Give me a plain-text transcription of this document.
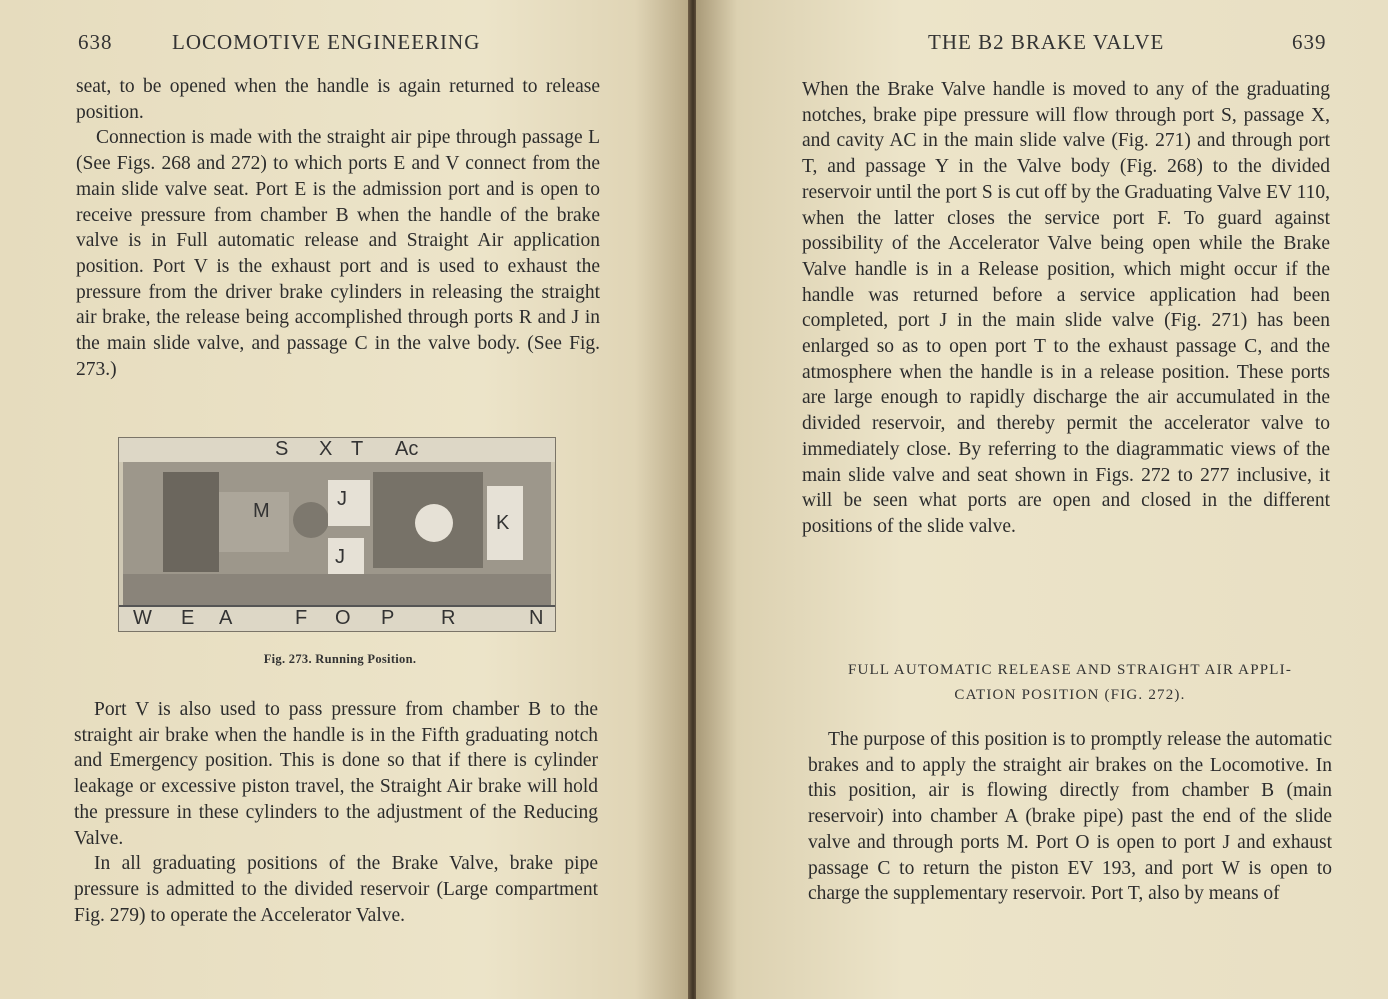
638	LOCOMOTIVE ENGINEERING

seat, to be opened when the handle is again returned to release position.

Connection is made with the straight air pipe through passage L (See Figs. 268 and 272) to which ports E and V connect from the main slide valve seat. Port E is the admission port and is open to receive pressure from chamber B when the handle of the brake valve is in Full automatic release and Straight Air application position. Port V is the exhaust port and is used to exhaust the pressure from the driver brake cylinders in releasing the straight air brake, the release being accomplished through ports R and J in the main slide valve, and passage C in the valve body. (See Fig. 273.)

S X T Ac
M
J
J
K
W E A	F O P R	N
Fig. 273. Running Position.

Port V is also used to pass pressure from chamber B to the straight air brake when the handle is in the Fifth graduating notch and Emergency position. This is done so that if there is cylinder leakage or excessive piston travel, the Straight Air brake will hold the pressure in these cylinders to the adjustment of the Reducing Valve.

In all graduating positions of the Brake Valve, brake pipe pressure is admitted to the divided reservoir (Large compartment Fig. 279) to operate the Accelerator Valve.

THE B2 BRAKE VALVE	639

When the Brake Valve handle is moved to any of the graduating notches, brake pipe pressure will flow through port S, passage X, and cavity AC in the main slide valve (Fig. 271) and through port T, and passage Y in the Valve body (Fig. 268) to the divided reservoir until the port S is cut off by the Graduating Valve EV 110, when the latter closes the service port F. To guard against possibility of the Accelerator Valve being open while the Brake Valve handle is in a Release position, which might occur if the handle was returned before a service application had been completed, port J in the main slide valve (Fig. 271) has been enlarged so as to open port T to the exhaust passage C, and the atmosphere when the handle is in a release position. These ports are large enough to rapidly discharge the air accumulated in the divided reservoir, and thereby permit the accelerator valve to immediately close. By referring to the diagrammatic views of the main slide valve and seat shown in Figs. 272 to 277 inclusive, it will be seen what ports are open and closed in the different positions of the slide valve.

FULL AUTOMATIC RELEASE AND STRAIGHT AIR APPLI-
CATION POSITION (FIG. 272).

The purpose of this position is to promptly release the automatic brakes and to apply the straight air brakes on the Locomotive. In this position, air is flowing directly from chamber B (main reservoir) into chamber A (brake pipe) past the end of the slide valve and through ports M. Port O is open to port J and exhaust passage C to return the piston EV 193, and port W is open to charge the supplementary reservoir. Port T, also by means of
